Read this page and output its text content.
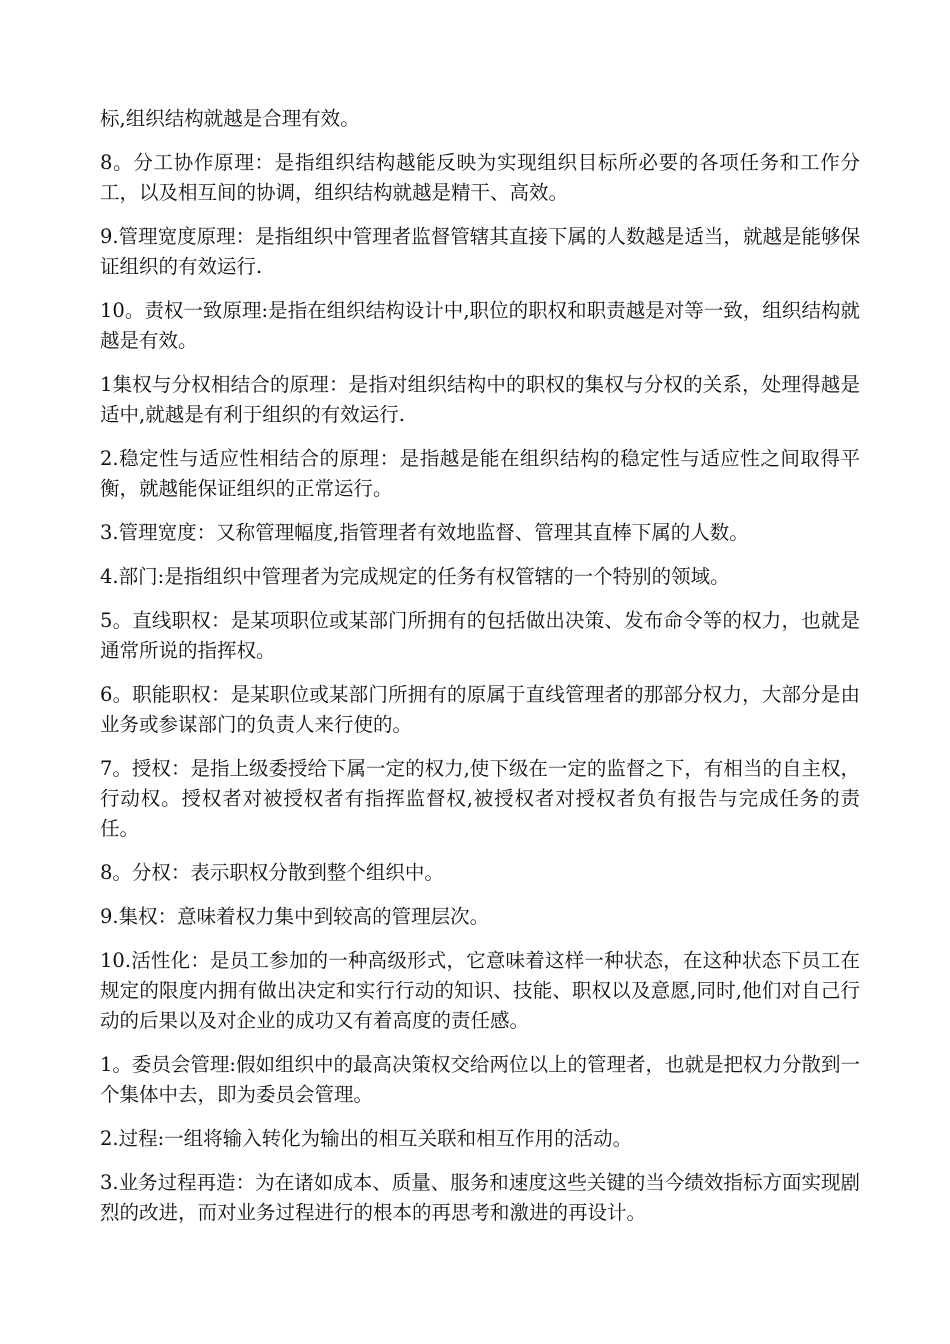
标,组织结构就越是合理有效。

8。分工协作原理：是指组织结构越能反映为实现组织目标所必要的各项任务和工作分工，以及相互间的协调，组织结构就越是精干、高效。

9.管理宽度原理：是指组织中管理者监督管辖其直接下属的人数越是适当，就越是能够保证组织的有效运行.

10。责权一致原理:是指在组织结构设计中,职位的职权和职责越是对等一致，组织结构就越是有效。

1集权与分权相结合的原理：是指对组织结构中的职权的集权与分权的关系，处理得越是适中,就越是有利于组织的有效运行.

2.稳定性与适应性相结合的原理：是指越是能在组织结构的稳定性与适应性之间取得平衡，就越能保证组织的正常运行。

3.管理宽度：又称管理幅度,指管理者有效地监督、管理其直棒下属的人数。

4.部门:是指组织中管理者为完成规定的任务有权管辖的一个特别的领域。

5。直线职权：是某项职位或某部门所拥有的包括做出决策、发布命令等的权力，也就是通常所说的指挥权。

6。职能职权：是某职位或某部门所拥有的原属于直线管理者的那部分权力，大部分是由业务或参谋部门的负责人来行使的。

7。授权：是指上级委授给下属一定的权力,使下级在一定的监督之下，有相当的自主权，行动权。授权者对被授权者有指挥监督权,被授权者对授权者负有报告与完成任务的责任。

8。分权：表示职权分散到整个组织中。

9.集权：意味着权力集中到较高的管理层次。

10.活性化：是员工参加的一种高级形式，它意味着这样一种状态，在这种状态下员工在规定的限度内拥有做出决定和实行行动的知识、技能、职权以及意愿,同时,他们对自己行动的后果以及对企业的成功又有着高度的责任感。

1。委员会管理:假如组织中的最高决策权交给两位以上的管理者，也就是把权力分散到一个集体中去，即为委员会管理。

2.过程:一组将输入转化为输出的相互关联和相互作用的活动。

3.业务过程再造：为在诸如成本、质量、服务和速度这些关键的当今绩效指标方面实现剧烈的改进，而对业务过程进行的根本的再思考和激进的再设计。
